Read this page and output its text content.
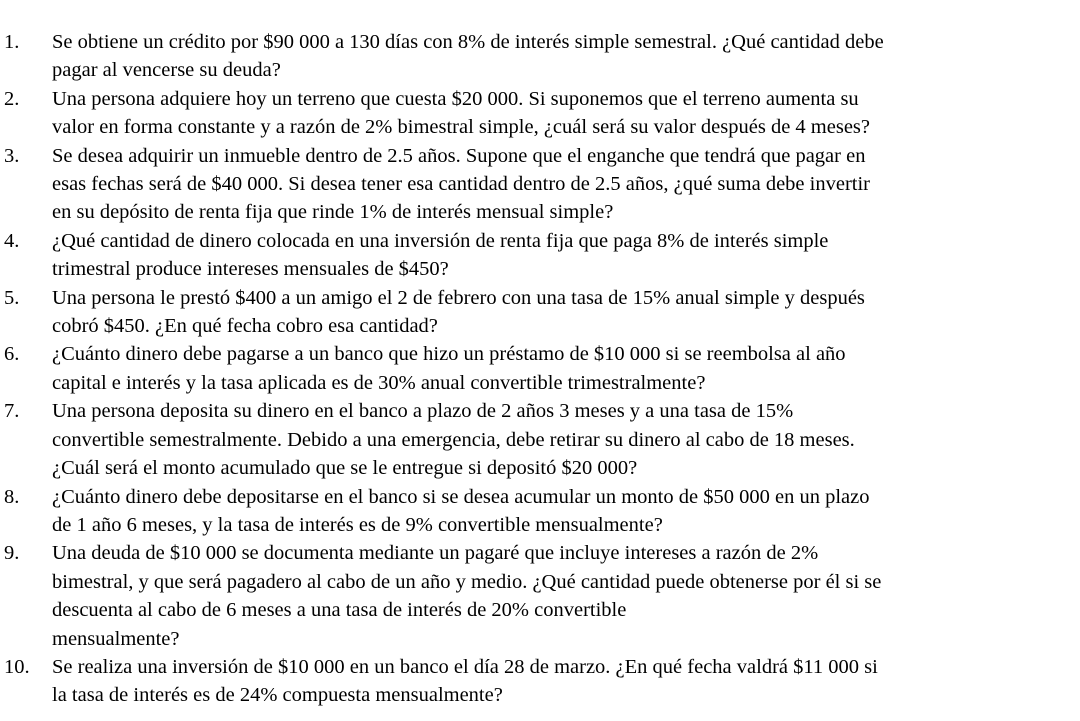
1.	Se obtiene un crédito por $90 000 a 130 días con 8% de interés simple semestral. ¿Qué cantidad debe
pagar al vencerse su deuda?
2.	Una persona adquiere hoy un terreno que cuesta $20 000. Si suponemos que el terreno aumenta su
valor en forma constante y a razón de 2% bimestral simple, ¿cuál será su valor después de 4 meses?
3.	Se desea adquirir un inmueble dentro de 2.5 años. Supone que el enganche que tendrá que pagar en
esas fechas será de $40 000. Si desea tener esa cantidad dentro de 2.5 años, ¿qué suma debe invertir
en su depósito de renta fija que rinde 1% de interés mensual simple?
4.	¿Qué cantidad de dinero colocada en una inversión de renta fija que paga 8% de interés simple
trimestral produce intereses mensuales de $450?
5.	Una persona le prestó $400 a un amigo el 2 de febrero con una tasa de 15% anual simple y después
cobró $450. ¿En qué fecha cobro esa cantidad?
6.	¿Cuánto dinero debe pagarse a un banco que hizo un préstamo de $10 000 si se reembolsa al año
capital e interés y la tasa aplicada es de 30% anual convertible trimestralmente?
7.	Una persona deposita su dinero en el banco a plazo de 2 años 3 meses y a una tasa de 15%
convertible semestralmente. Debido a una emergencia, debe retirar su dinero al cabo de 18 meses.
¿Cuál será el monto acumulado que se le entregue si depositó $20 000?
8.	¿Cuánto dinero debe depositarse en el banco si se desea acumular un monto de $50 000 en un plazo
de 1 año 6 meses, y la tasa de interés es de 9% convertible mensualmente?
9.	Una deuda de $10 000 se documenta mediante un pagaré que incluye intereses a razón de 2%
bimestral, y que será pagadero al cabo de un año y medio. ¿Qué cantidad puede obtenerse por él si se
descuenta al cabo de 6 meses a una tasa de interés de 20% convertible
mensualmente?
10.	Se realiza una inversión de $10 000 en un banco el día 28 de marzo. ¿En qué fecha valdrá $11 000 si
la tasa de interés es de 24% compuesta mensualmente?
